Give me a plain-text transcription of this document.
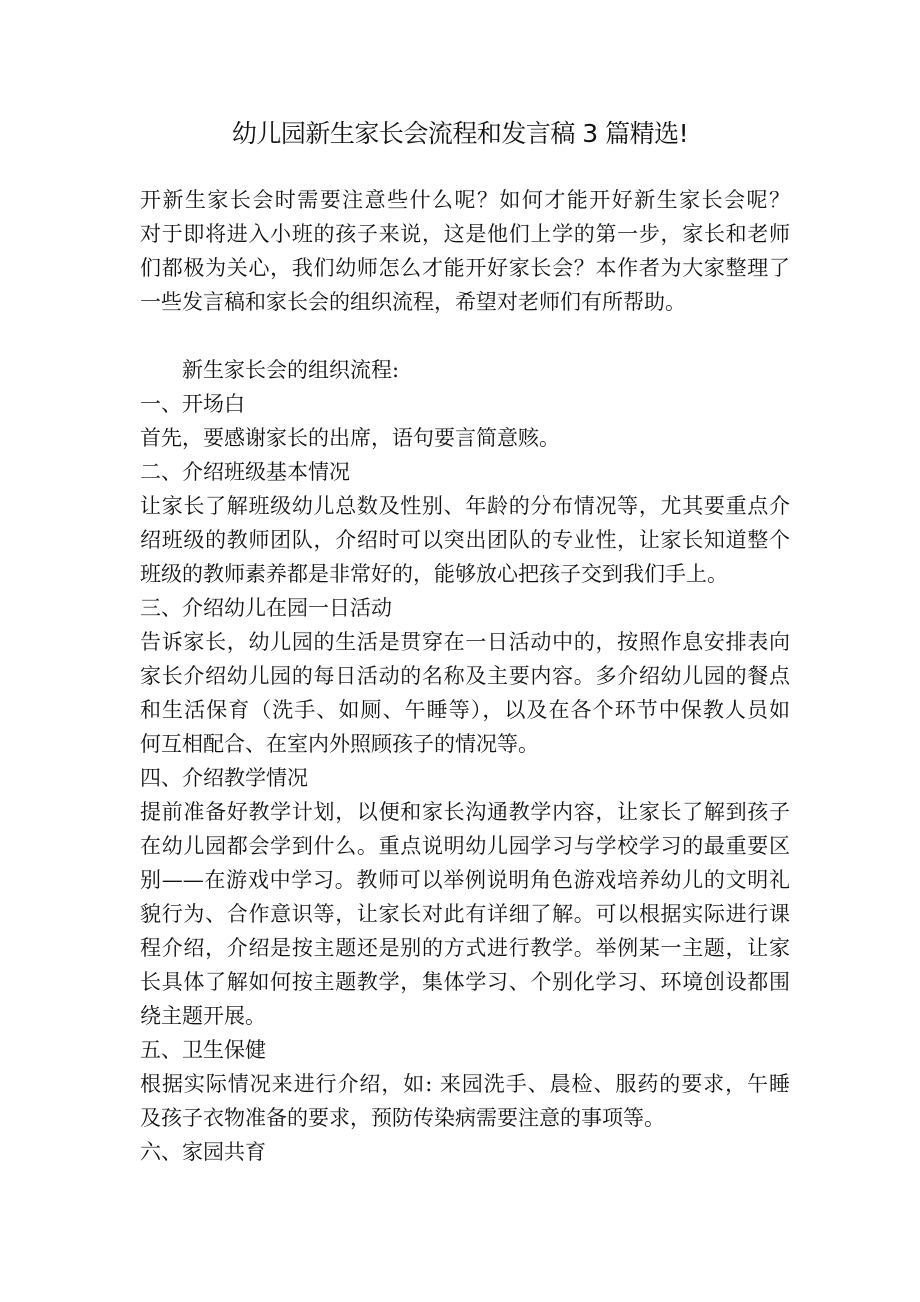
幼儿园新生家长会流程和发言稿 3 篇精选!
开新生家长会时需要注意些什么呢？如何才能开好新生家长会呢？
对于即将进入小班的孩子来说，这是他们上学的第一步，家长和老师
们都极为关心，我们幼师怎么才能开好家长会？本作者为大家整理了
一些发言稿和家长会的组织流程，希望对老师们有所帮助。
新生家长会的组织流程:
一、开场白
首先，要感谢家长的出席，语句要言简意赅。
二、介绍班级基本情况
让家长了解班级幼儿总数及性别、年龄的分布情况等，尤其要重点介
绍班级的教师团队，介绍时可以突出团队的专业性，让家长知道整个
班级的教师素养都是非常好的，能够放心把孩子交到我们手上。
三、介绍幼儿在园一日活动
告诉家长，幼儿园的生活是贯穿在一日活动中的，按照作息安排表向
家长介绍幼儿园的每日活动的名称及主要内容。多介绍幼儿园的餐点
和生活保育（洗手、如厕、午睡等），以及在各个环节中保教人员如
何互相配合、在室内外照顾孩子的情况等。
四、介绍教学情况
提前准备好教学计划，以便和家长沟通教学内容，让家长了解到孩子
在幼儿园都会学到什么。重点说明幼儿园学习与学校学习的最重要区
别——在游戏中学习。教师可以举例说明角色游戏培养幼儿的文明礼
貌行为、合作意识等，让家长对此有详细了解。可以根据实际进行课
程介绍，介绍是按主题还是别的方式进行教学。举例某一主题，让家
长具体了解如何按主题教学，集体学习、个别化学习、环境创设都围
绕主题开展。
五、卫生保健
根据实际情况来进行介绍，如: 来园洗手、晨检、服药的要求，午睡
及孩子衣物准备的要求，预防传染病需要注意的事项等。
六、家园共育
